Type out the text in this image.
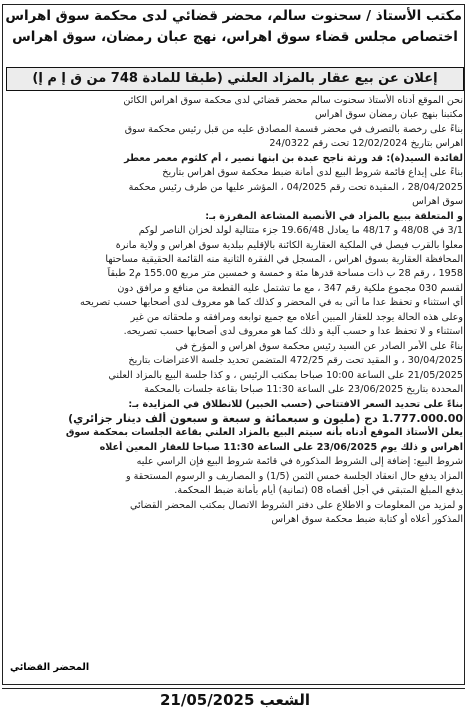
مكتب الأستاذ / سحنوت سالم، محضر قضائي لدى محكمة سوق اهراس
اختصاص مجلس قضاء سوق اهراس، نهج عبان رمضان، سوق اهراس
إعلان عن بيع عقار بالمزاد العلني (طبقا للمادة 748 من ق إ م إ)
نحن الموقع أدناه الأستاذ سحنوت سالم محضر قضائي لدى محكمة سوق اهراس الكائن
مكتبنا بنهج عبان رمضان سوق اهراس
بناءً على رخصة بالتصرف في محضر قسمة المصادق عليه من قبل رئيس محكمة سوق
اهراس بتاريخ 12/02/2024 تحت رقم 24/0322
لفائدة السيد(ة): قد ورثة ناجح عبدة بن ابنها نصير ، أم كلثوم معمر معطر
بناءً على إيداع قائمة شروط البيع لدى أمانة ضبط محكمة سوق اهراس بتاريخ
28/04/2025 ، المقيدة تحت رقم 04/2025 ، المؤشر عليها من طرف رئيس محكمة
سوق اهراس
و المتعلقة ببيع بالمزاد في الأنصبة المشاعة المفرزة بـ:
3/1 في 48/08 و 48/17 ما يعادل 19.66/48 جزء متتالية لولد لخزان الناصر لوكم
معلوا بالقرب فيصل في الملكية العقارية الكائنة بالإقليم ببلدية سوق اهراس و ولاية مانرة
المحافظة العقارية بسوق اهراس ، المسجل في الفقرة الثانية منه القائمة الحقيقية مساحتها
1958 ، رقم 28 ب ذات مساحة قدرها مئة و خمسة و خمسين متر مربع 155.00 م2 طبقاً
لقسم 030 مجموع ملكية رقم 347 ، مع ما تشتمل عليه القطعة من منافع و مرافق دون
أي استثناء و تحفظ عدا ما أتى به في المحضر و كذلك كما هو معروف لدى أصحابها حسب تصريحه
وعلى هذه الحالة يوجد للعقار المبين أعلاه مع جميع توابعه ومرافقه و ملحقاته من غير
استثناء و لا تحفظ عدا و حسب آلية و ذلك كما هو معروف لدى أصحابها حسب تصريحه.
بناءً على الأمر الصادر عن السيد رئيس محكمة سوق اهراس و المؤرخ في
30/04/2025 ، و المقيد تحت رقم 472/25 المتضمن تحديد جلسة الاعتراضات بتاريخ
21/05/2025 على الساعة 10:00 صباحا بمكتب الرئيس ، و كذا جلسة البيع بالمزاد العلني
المحددة بتاريخ 23/06/2025 على الساعة 11:30 صباحا بقاعة جلسات بالمحكمة
بناءً على تحديد السعر الافتتاحي (حسب الخبير) للانطلاق في المزايدة بـ:
1.777.000.00 دج (مليون و سبعمائة و سبعة و سبعون ألف دينار جزائري)
يعلن الأستاذ الموقع أدناه بأنه سيتم البيع بالمزاد العلني بقاعة الجلسات بمحكمة سوق
اهراس و ذلك يوم 23/06/2025 على الساعة 11:30 صباحا للعقار المعين أعلاه
شروط البيع: إضافة إلى الشروط المذكورة في قائمة شروط البيع فإن الراسي عليه
المزاد يدفع حال انعقاد الجلسة خمس الثمن (1/5) و المصاريف و الرسوم المستحقة و
يدفع المبلغ المتبقي في أجل أقصاه 08 (ثمانية) أيام بأمانة ضبط المحكمة.
و لمزيد من المعلومات و الاطلاع على دفتر الشروط الاتصال بمكتب المحضر القضائي
المذكور أعلاه أو كتابة ضبط محكمة سوق اهراس
المحضر القضائي
الشعب 21/05/2025
